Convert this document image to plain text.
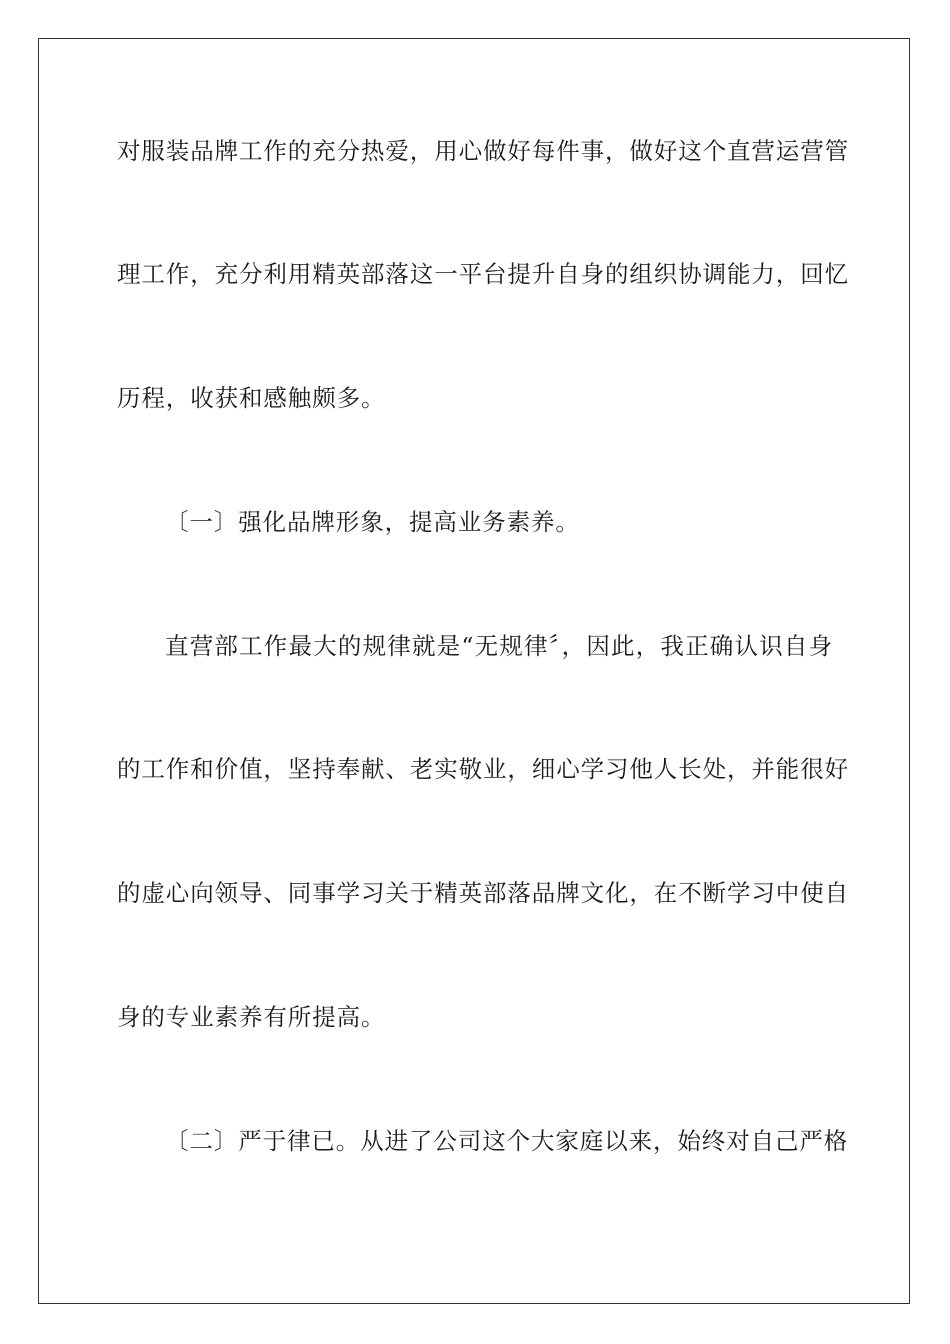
对服装品牌工作的充分热爱，用心做好每件事，做好这个直营运营管
理工作，充分利用精英部落这一平台提升自身的组织协调能力，回忆
历程，收获和感触颇多。
〔一〕强化品牌形象，提高业务素养。
直营部工作最大的规律就是“无规律〞，因此，我正确认识自身
的工作和价值，坚持奉献、老实敬业，细心学习他人长处，并能很好
的虚心向领导、同事学习关于精英部落品牌文化，在不断学习中使自
身的专业素养有所提高。
〔二〕严于律已。从进了公司这个大家庭以来，始终对自己严格
